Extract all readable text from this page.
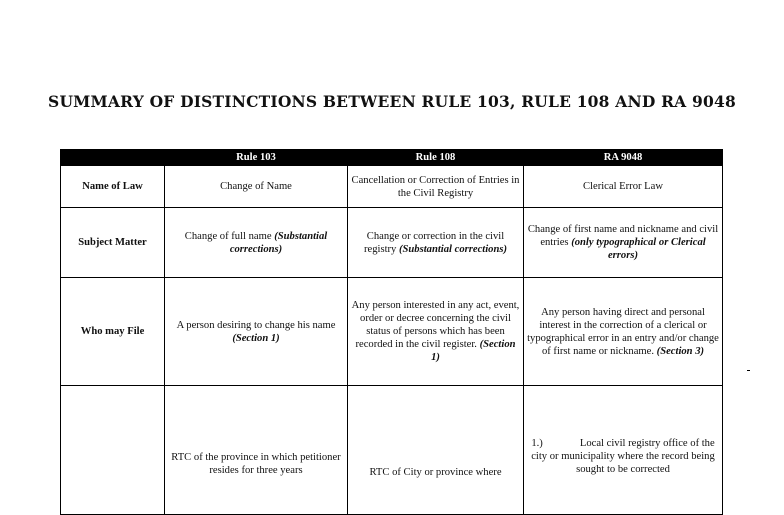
SUMMARY OF DISTINCTIONS BETWEEN RULE 103, RULE 108 AND RA 9048
	Rule 103	Rule 108	RA 9048
Name of Law	Change of Name	Cancellation or Correction of Entries in the Civil Registry	Clerical Error Law
Subject Matter	Change of full name (Substantial corrections)	Change or correction in the civil registry (Substantial corrections)	Change of first name and nickname and civil entries (only typographical or Clerical errors)
Who may File	A person desiring to change his name (Section 1)	Any person interested in any act, event, order or decree concerning the civil status of persons which has been recorded in the civil register. (Section 1)	Any person having direct and personal interest in the correction of a clerical or typographical error in an entry and/or change of first name or nickname. (Section 3)
	RTC of the province in which petitioner resides for three years	RTC of City or province where	1.)              Local civil registry office of the          city or municipality where the record being sought to be corrected
